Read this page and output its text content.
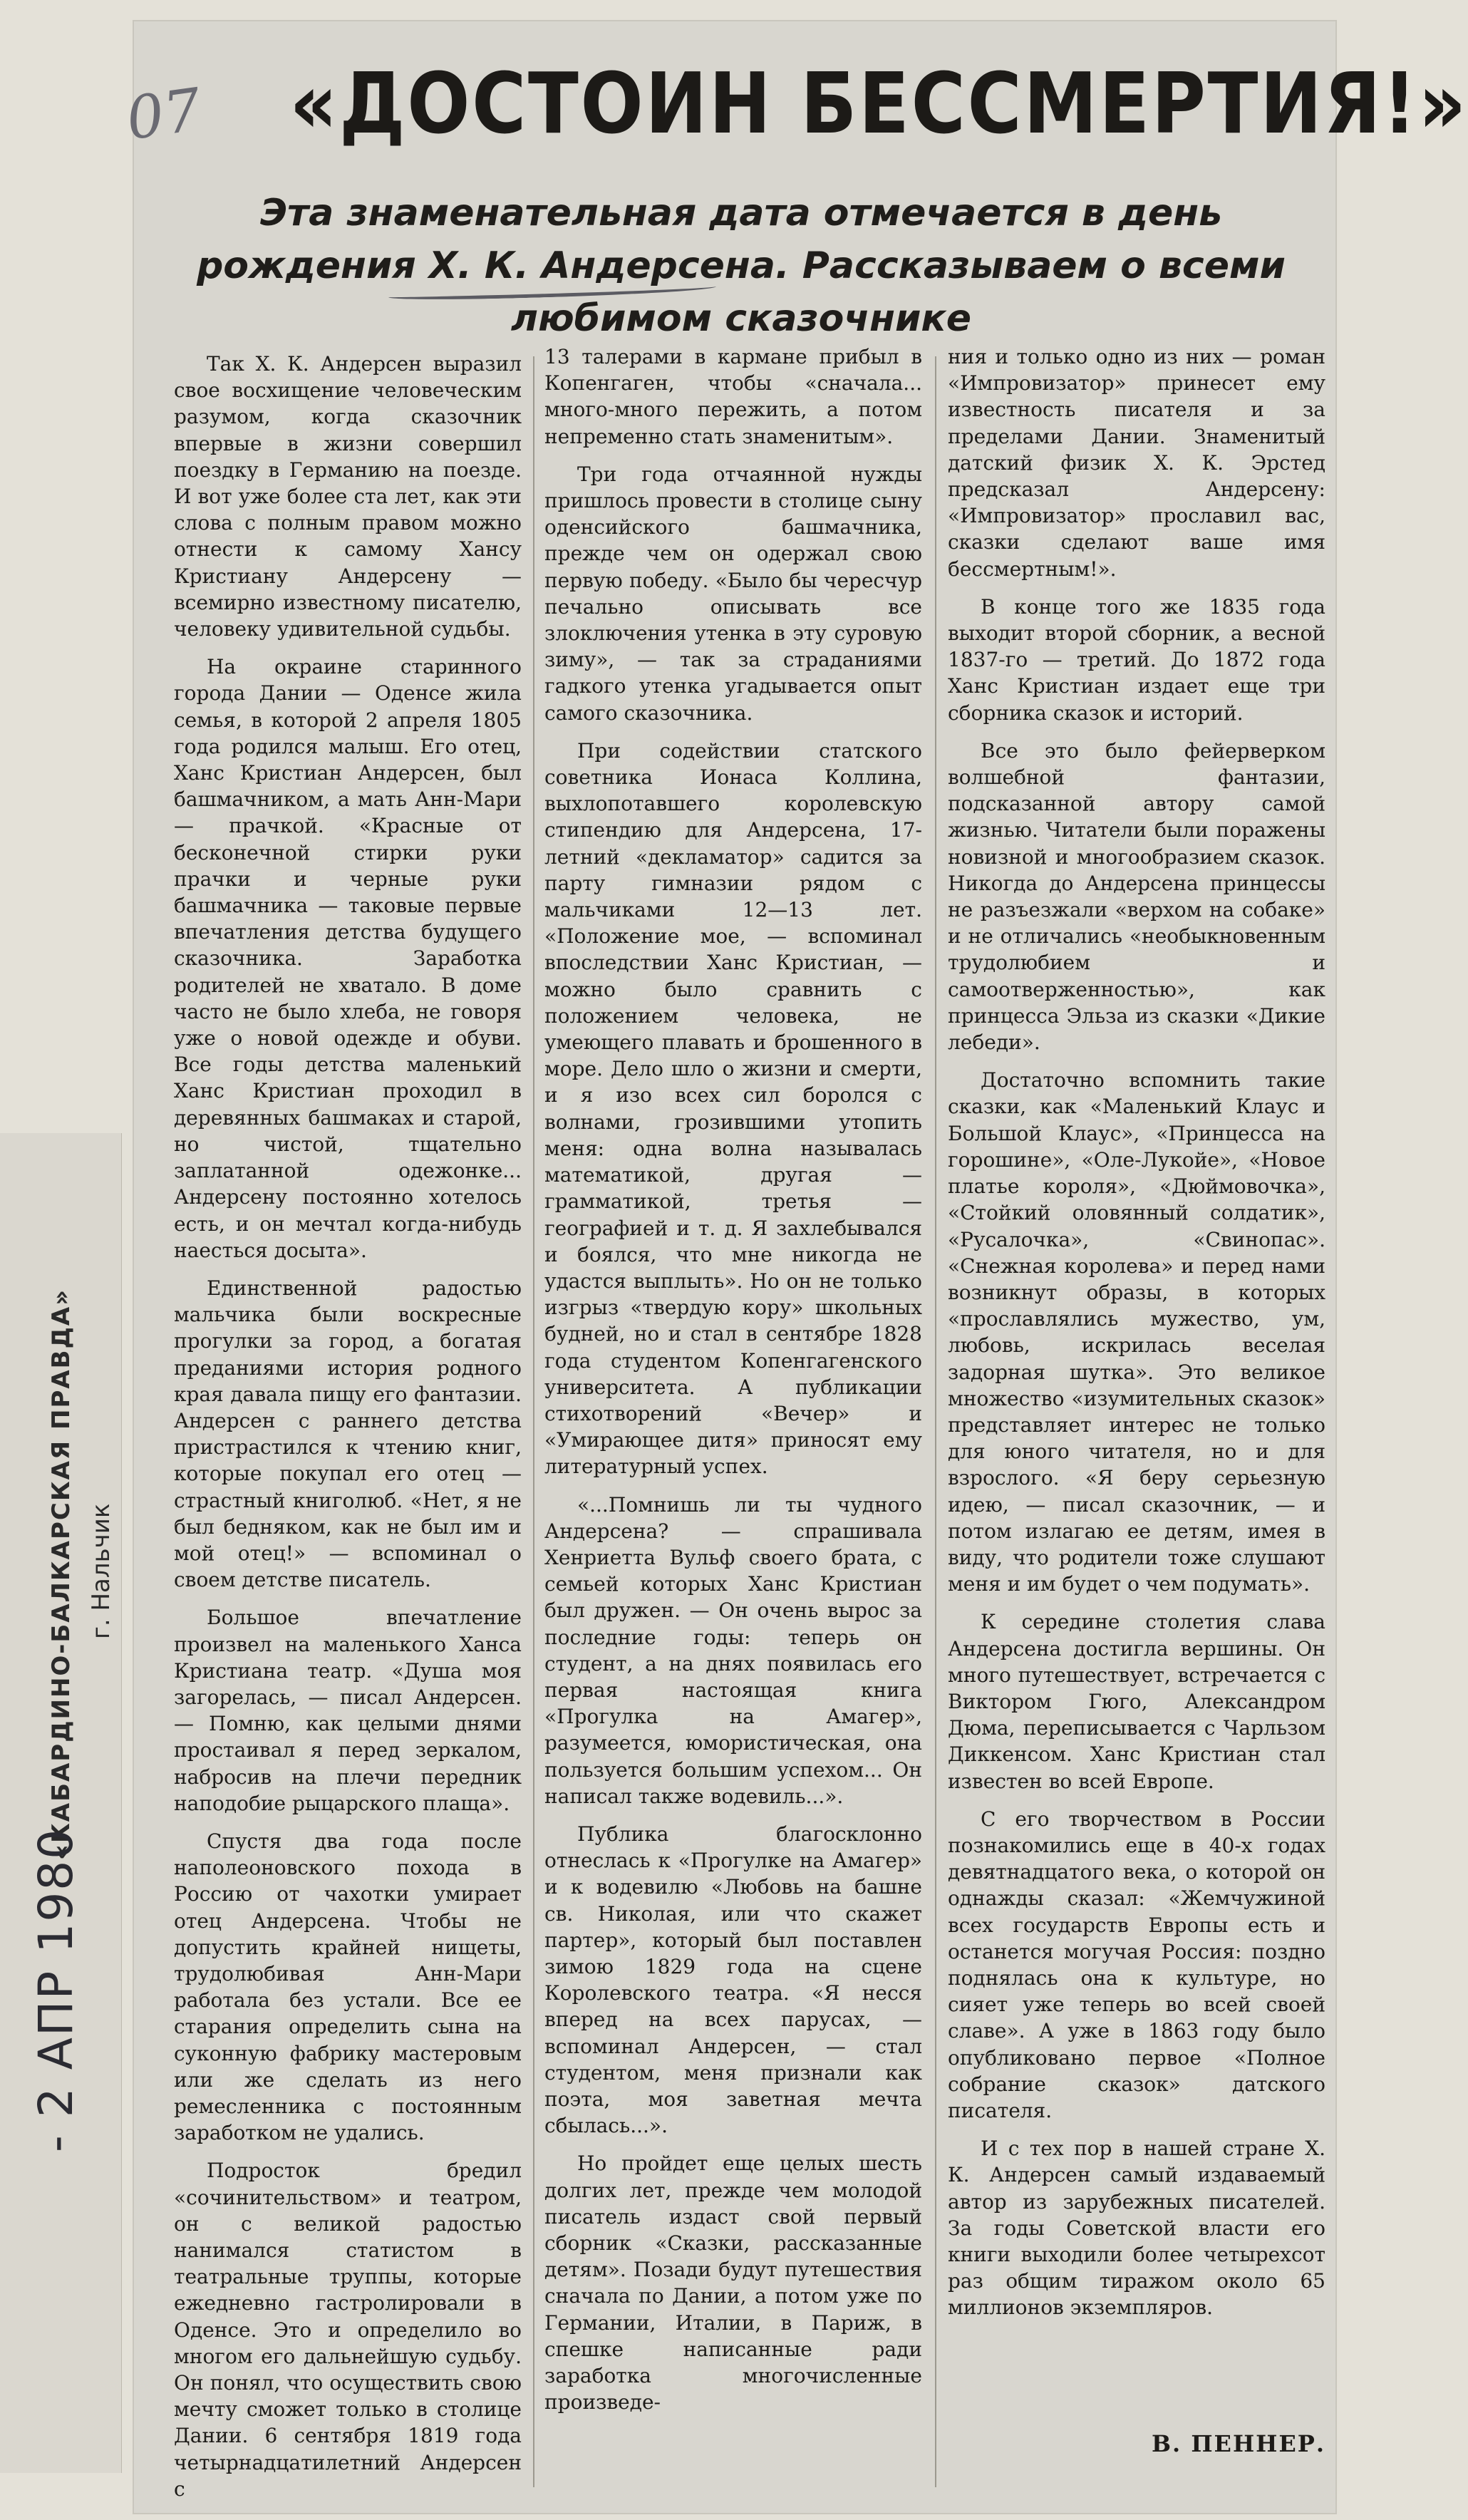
«КАБАРДИНО-БАЛКАРСКАЯ ПРАВДА» г. Нальчик
- 2 АПР 1980
07	«ДОСТОИН БЕССМЕРТИЯ!»
Эта знаменательная дата отмечается в день рождения Х. К. Андерсена. Рассказываем о всеми любимом сказочнике

Так Х. К. Андерсен выразил свое восхищение человеческим разумом, когда сказочник впервые в жизни совершил поездку в Германию на поезде. И вот уже более ста лет, как эти слова с полным правом можно отнести к самому Хансу Кристиану Андерсену — всемирно известному писателю, человеку удивительной судьбы.

На окраине старинного города Дании — Оденсе жила семья, в которой 2 апреля 1805 года родился малыш. Его отец, Ханс Кристиан Андерсен, был башмачником, а мать Анн-Мари — прачкой. «Красные от бесконечной стирки руки прачки и черные руки башмачника — таковые первые впечатления детства будущего сказочника. Заработка родителей не хватало. В доме часто не было хлеба, не говоря уже о новой одежде и обуви. Все годы детства маленький Ханс Кристиан проходил в деревянных башмаках и старой, но чистой, тщательно заплатанной одежонке... Андерсену постоянно хотелось есть, и он мечтал когда-нибудь наесться досыта».

Единственной радостью мальчика были воскресные прогулки за город, а богатая преданиями история родного края давала пищу его фантазии. Андерсен с раннего детства пристрастился к чтению книг, которые покупал его отец — страстный книголюб. «Нет, я не был бедняком, как не был им и мой отец!» — вспоминал о своем детстве писатель.

Большое впечатление произвел на маленького Ханса Кристиана театр. «Душа моя загорелась, — писал Андерсен. — Помню, как целыми днями простаивал я перед зеркалом, набросив на плечи передник наподобие рыцарского плаща».

Спустя два года после наполеоновского похода в Россию от чахотки умирает отец Андерсена. Чтобы не допустить крайней нищеты, трудолюбивая Анн-Мари работала без устали. Все ее старания определить сына на суконную фабрику мастеровым или же сделать из него ремесленника с постоянным заработком не удались.

Подросток бредил «сочинительством» и театром, он с великой радостью нанимался статистом в театральные труппы, которые ежедневно гастролировали в Оденсе. Это и определило во многом его дальнейшую судьбу. Он понял, что осуществить свою мечту сможет только в столице Дании. 6 сентября 1819 года четырнадцатилетний Андерсен с

13 талерами в кармане прибыл в Копенгаген, чтобы «сначала... много-много пережить, а потом непременно стать знаменитым».

Три года отчаянной нужды пришлось провести в столице сыну оденсийского башмачника, прежде чем он одержал свою первую победу. «Было бы чересчур печально описывать все злоключения утенка в эту суровую зиму», — так за страданиями гадкого утенка угадывается опыт самого сказочника.

При содействии статского советника Ионаса Коллина, выхлопотавшего королевскую стипендию для Андерсена, 17-летний «декламатор» садится за парту гимназии рядом с мальчиками 12—13 лет. «Положение мое, — вспоминал впоследствии Ханс Кристиан, — можно было сравнить с положением человека, не умеющего плавать и брошенного в море. Дело шло о жизни и смерти, и я изо всех сил боролся с волнами, грозившими утопить меня: одна волна называлась математикой, другая — грамматикой, третья — географией и т. д. Я захлебывался и боялся, что мне никогда не удастся выплыть». Но он не только изгрыз «твердую кору» школьных будней, но и стал в сентябре 1828 года студентом Копенгагенского университета. А публикации стихотворений «Вечер» и «Умирающее дитя» приносят ему литературный успех.

«...Помнишь ли ты чудного Андерсена? — спрашивала Хенриетта Вульф своего брата, с семьей которых Ханс Кристиан был дружен. — Он очень вырос за последние годы: теперь он студент, а на днях появилась его первая настоящая книга «Прогулка на Амагер», разумеется, юмористическая, она пользуется большим успехом... Он написал также водевиль...».

Публика благосклонно отнеслась к «Прогулке на Амагер» и к водевилю «Любовь на башне св. Николая, или что скажет партер», который был поставлен зимою 1829 года на сцене Королевского театра. «Я несся вперед на всех парусах, — вспоминал Андерсен, — стал студентом, меня признали как поэта, моя заветная мечта сбылась...».

Но пройдет еще целых шесть долгих лет, прежде чем молодой писатель издаст свой первый сборник «Сказки, рассказанные детям». Позади будут путешествия сначала по Дании, а потом уже по Германии, Италии, в Париж, в спешке написанные ради заработка многочисленные произведе-

ния и только одно из них — роман «Импровизатор» принесет ему известность писателя и за пределами Дании. Знаменитый датский физик Х. К. Эрстед предсказал Андерсену: «Импровизатор» прославил вас, сказки сделают ваше имя бессмертным!».

В конце того же 1835 года выходит второй сборник, а весной 1837-го — третий. До 1872 года Ханс Кристиан издает еще три сборника сказок и историй.

Все это было фейерверком волшебной фантазии, подсказанной автору самой жизнью. Читатели были поражены новизной и многообразием сказок. Никогда до Андерсена принцессы не разъезжали «верхом на собаке» и не отличались «необыкновенным трудолюбием и самоотверженностью», как принцесса Эльза из сказки «Дикие лебеди».

Достаточно вспомнить такие сказки, как «Маленький Клаус и Большой Клаус», «Принцесса на горошине», «Оле-Лукойе», «Новое платье короля», «Дюймовочка», «Стойкий оловянный солдатик», «Русалочка», «Свинопас». «Снежная королева» и перед нами возникнут образы, в которых «прославлялись мужество, ум, любовь, искрилась веселая задорная шутка». Это великое множество «изумительных сказок» представляет интерес не только для юного читателя, но и для взрослого. «Я беру серьезную идею, — писал сказочник, — и потом излагаю ее детям, имея в виду, что родители тоже слушают меня и им будет о чем подумать».

К середине столетия слава Андерсена достигла вершины. Он много путешествует, встречается с Виктором Гюго, Александром Дюма, переписывается с Чарльзом Диккенсом. Ханс Кристиан стал известен во всей Европе.

С его творчеством в России познакомились еще в 40-х годах девятнадцатого века, о которой он однажды сказал: «Жемчужиной всех государств Европы есть и останется могучая Россия: поздно поднялась она к культуре, но сияет уже теперь во всей своей славе». А уже в 1863 году было опубликовано первое «Полное собрание сказок» датского писателя.

И с тех пор в нашей стране Х. К. Андерсен самый издаваемый автор из зарубежных писателей. За годы Советской власти его книги выходили более четырехсот раз общим тиражом около 65 миллионов экземпляров.

В. ПЕННЕР.
